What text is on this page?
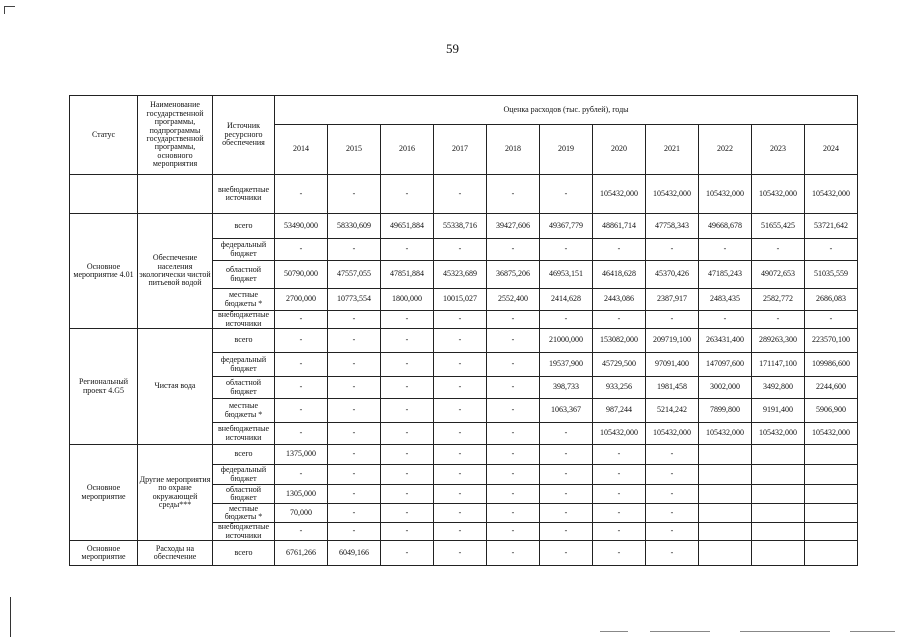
59
Статус	Наименование государственной программы, подпрограммы государственной программы, основного мероприятия	Источник ресурсного обеспечения	Оценка расходов (тыс. рублей), годы										
			2014	2015	2016	2017	2018	2019	2020	2021	2022	2023	2024
		внебюджетные источники	-	-	-	-	-	-	105432,000	105432,000	105432,000	105432,000	105432,000
Основное мероприятие 4.01	Обеспечение населения экологически чистой питьевой водой	всего	53490,000	58330,609	49651,884	55338,716	39427,606	49367,779	48861,714	47758,343	49668,678	51655,425	53721,642
		федеральный бюджет	-	-	-	-	-	-	-	-	-	-	-
		областной бюджет	50790,000	47557,055	47851,884	45323,689	36875,206	46953,151	46418,628	45370,426	47185,243	49072,653	51035,559
		местные бюджеты *	2700,000	10773,554	1800,000	10015,027	2552,400	2414,628	2443,086	2387,917	2483,435	2582,772	2686,083
		внебюджетные источники	-	-	-	-	-	-	-	-	-	-	-
Региональный проект 4.G5	Чистая вода	всего	-	-	-	-	-	21000,000	153082,000	209719,100	263431,400	289263,300	223570,100
		федеральный бюджет	-	-	-	-	-	19537,900	45729,500	97091,400	147097,600	171147,100	109986,600
		областной бюджет	-	-	-	-	-	398,733	933,256	1981,458	3002,000	3492,800	2244,600
		местные бюджеты *	-	-	-	-	-	1063,367	987,244	5214,242	7899,800	9191,400	5906,900
		внебюджетные источники	-	-	-	-	-	-	105432,000	105432,000	105432,000	105432,000	105432,000
Основное мероприятие	Другие мероприятия по охране окружающей среды***	всего	1375,000	-	-	-	-	-	-	-			
		федеральный бюджет	-	-	-	-	-	-	-	-			
		областной бюджет	1305,000	-	-	-	-	-	-	-			
		местные бюджеты *	70,000	-	-	-	-	-	-	-			
		внебюджетные источники	-	-	-	-	-	-	-	-			
Основное мероприятие	Расходы на обеспечение	всего	6761,266	6049,166	-	-	-	-	-	-			
